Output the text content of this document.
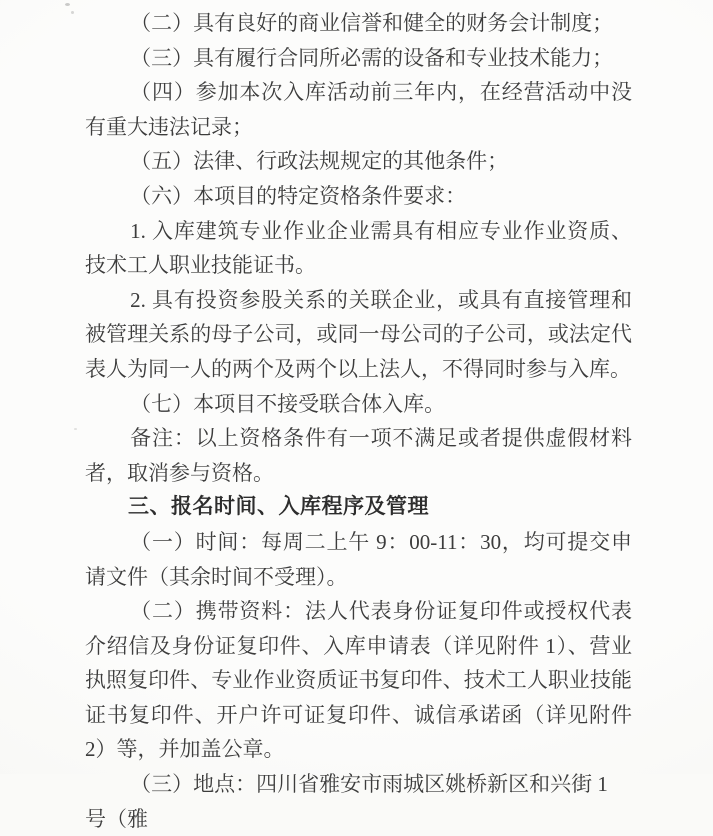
（二）具有良好的商业信誉和健全的财务会计制度；

（三）具有履行合同所必需的设备和专业技术能力；

（四）参加本次入库活动前三年内，在经营活动中没有重大违法记录；

（五）法律、行政法规规定的其他条件；

（六）本项目的特定资格条件要求：

1. 入库建筑专业作业企业需具有相应专业作业资质、技术工人职业技能证书。

2. 具有投资参股关系的关联企业，或具有直接管理和被管理关系的母子公司，或同一母公司的子公司，或法定代表人为同一人的两个及两个以上法人，不得同时参与入库。

（七）本项目不接受联合体入库。

备注：以上资格条件有一项不满足或者提供虚假材料者，取消参与资格。

三、报名时间、入库程序及管理

（一）时间：每周二上午 9：00-11：30，均可提交申请文件（其余时间不受理）。

（二）携带资料：法人代表身份证复印件或授权代表介绍信及身份证复印件、入库申请表（详见附件 1）、营业执照复印件、专业作业资质证书复印件、技术工人职业技能证书复印件、开户许可证复印件、诚信承诺函（详见附件 2）等，并加盖公章。

（三）地点：四川省雅安市雨城区姚桥新区和兴街 1 号（雅
